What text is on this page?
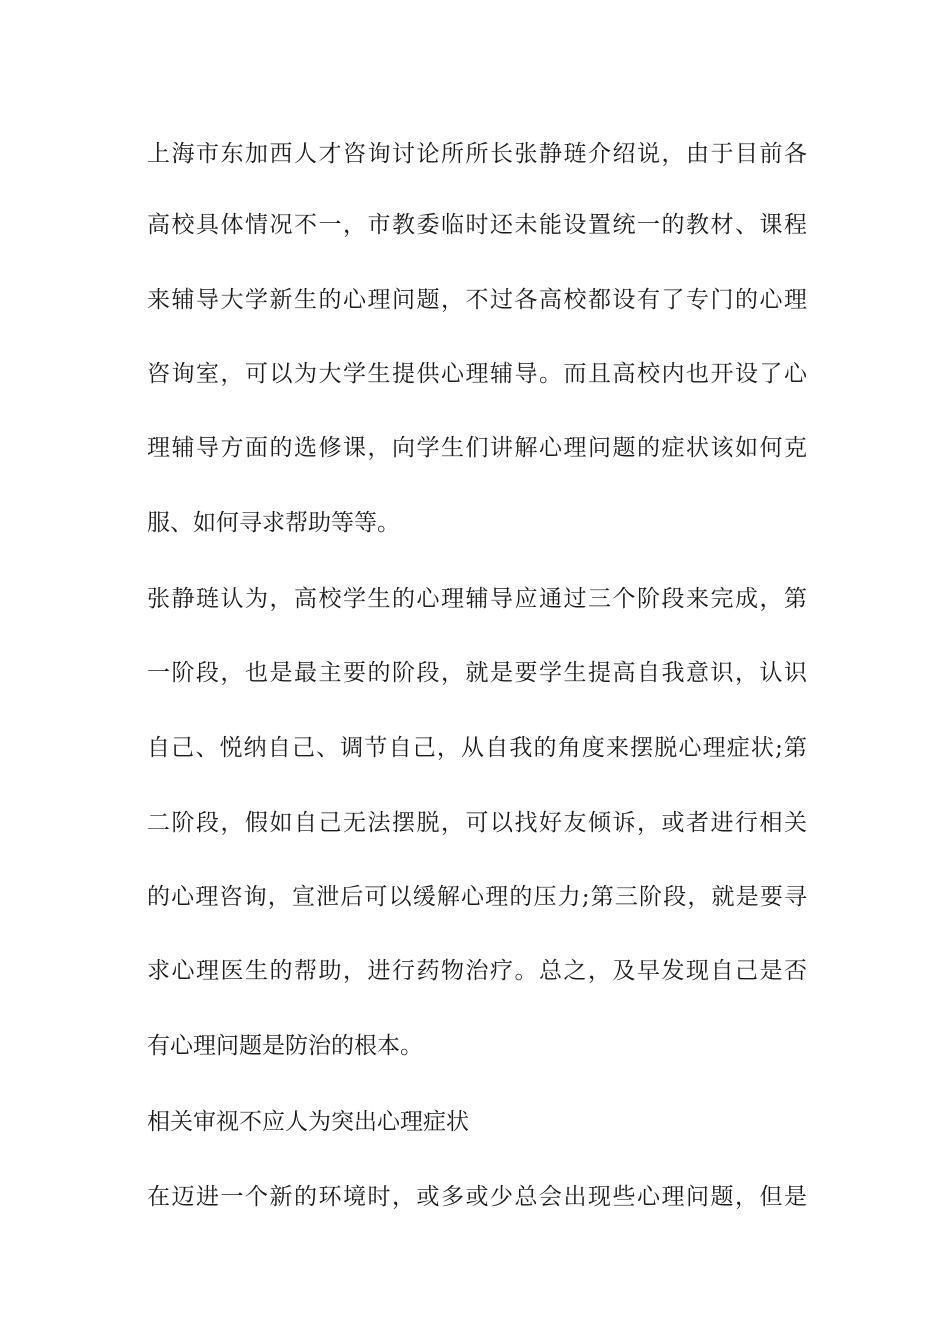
上 海 市 东 加 西 人 才 咨 询 讨 论 所 所 长 张 静 琏 介 绍 说 ， 由 于 目 前 各
高 校 具 体 情 况 不 一 ， 市 教 委 临 时 还 未 能 设 置 统 一 的 教 材 、 课 程
来 辅 导 大 学 新 生 的 心 理 问 题 ， 不 过 各 高 校 都 设 有 了 专 门 的 心 理
咨 询 室 ， 可 以 为 大 学 生 提 供 心 理 辅 导 。 而 且 高 校 内 也 开 设 了 心
理 辅 导 方 面 的 选 修 课 ， 向 学 生 们 讲 解 心 理 问 题 的 症 状 该 如 何 克
服、如何寻求帮助等等。
张 静 琏 认 为 ， 高 校 学 生 的 心 理 辅 导 应 通 过 三 个 阶 段 来 完 成 ， 第
一 阶 段 ， 也 是 最 主 要 的 阶 段 ， 就 是 要 学 生 提 高 自 我 意 识 ， 认 识
自 己 、 悦 纳 自 己 、 调 节 自 己 ， 从 自 我 的 角 度 来 摆 脱 心 理 症 状 ; 第
二 阶 段 ， 假 如 自 己 无 法 摆 脱 ， 可 以 找 好 友 倾 诉 ， 或 者 进 行 相 关
的 心 理 咨 询 ， 宣 泄 后 可 以 缓 解 心 理 的 压 力 ; 第 三 阶 段 ， 就 是 要 寻
求 心 理 医 生 的 帮 助 ， 进 行 药 物 治 疗 。 总 之 ， 及 早 发 现 自 己 是 否
有心理问题是防治的根本。
相关审视不应人为突出心理症状
在 迈 进 一 个 新 的 环 境 时 ， 或 多 或 少 总 会 出 现 些 心 理 问 题 ， 但 是
